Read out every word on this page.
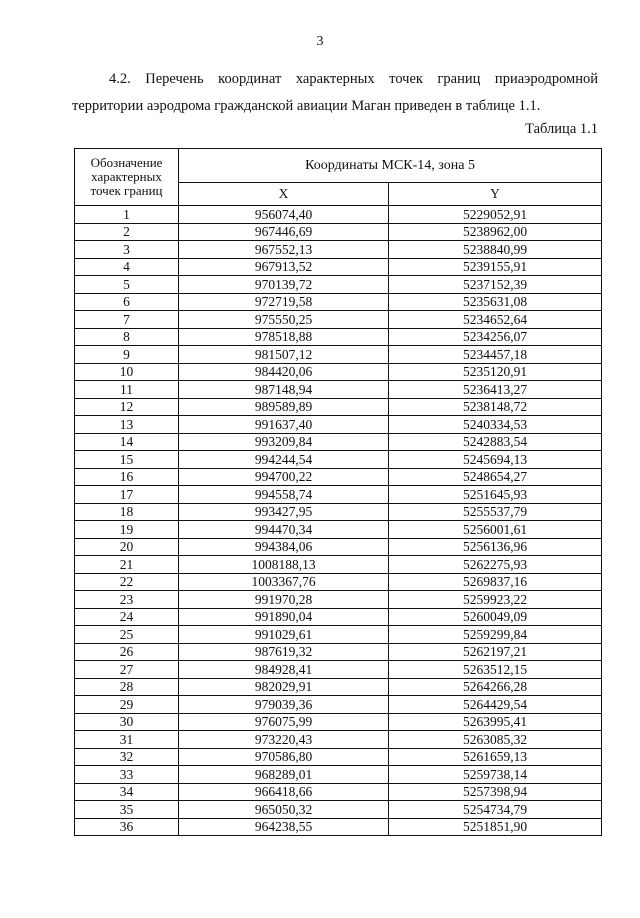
3
4.2. Перечень координат характерных точек границ приаэродромной
территории аэродрома гражданской авиации Маган приведен в таблице 1.1.
Таблица 1.1
Обозначение характерных точек границ	Координаты МСК-14, зона 5	
	X	Y
1	956074,40	5229052,91
2	967446,69	5238962,00
3	967552,13	5238840,99
4	967913,52	5239155,91
5	970139,72	5237152,39
6	972719,58	5235631,08
7	975550,25	5234652,64
8	978518,88	5234256,07
9	981507,12	5234457,18
10	984420,06	5235120,91
11	987148,94	5236413,27
12	989589,89	5238148,72
13	991637,40	5240334,53
14	993209,84	5242883,54
15	994244,54	5245694,13
16	994700,22	5248654,27
17	994558,74	5251645,93
18	993427,95	5255537,79
19	994470,34	5256001,61
20	994384,06	5256136,96
21	1008188,13	5262275,93
22	1003367,76	5269837,16
23	991970,28	5259923,22
24	991890,04	5260049,09
25	991029,61	5259299,84
26	987619,32	5262197,21
27	984928,41	5263512,15
28	982029,91	5264266,28
29	979039,36	5264429,54
30	976075,99	5263995,41
31	973220,43	5263085,32
32	970586,80	5261659,13
33	968289,01	5259738,14
34	966418,66	5257398,94
35	965050,32	5254734,79
36	964238,55	5251851,90
